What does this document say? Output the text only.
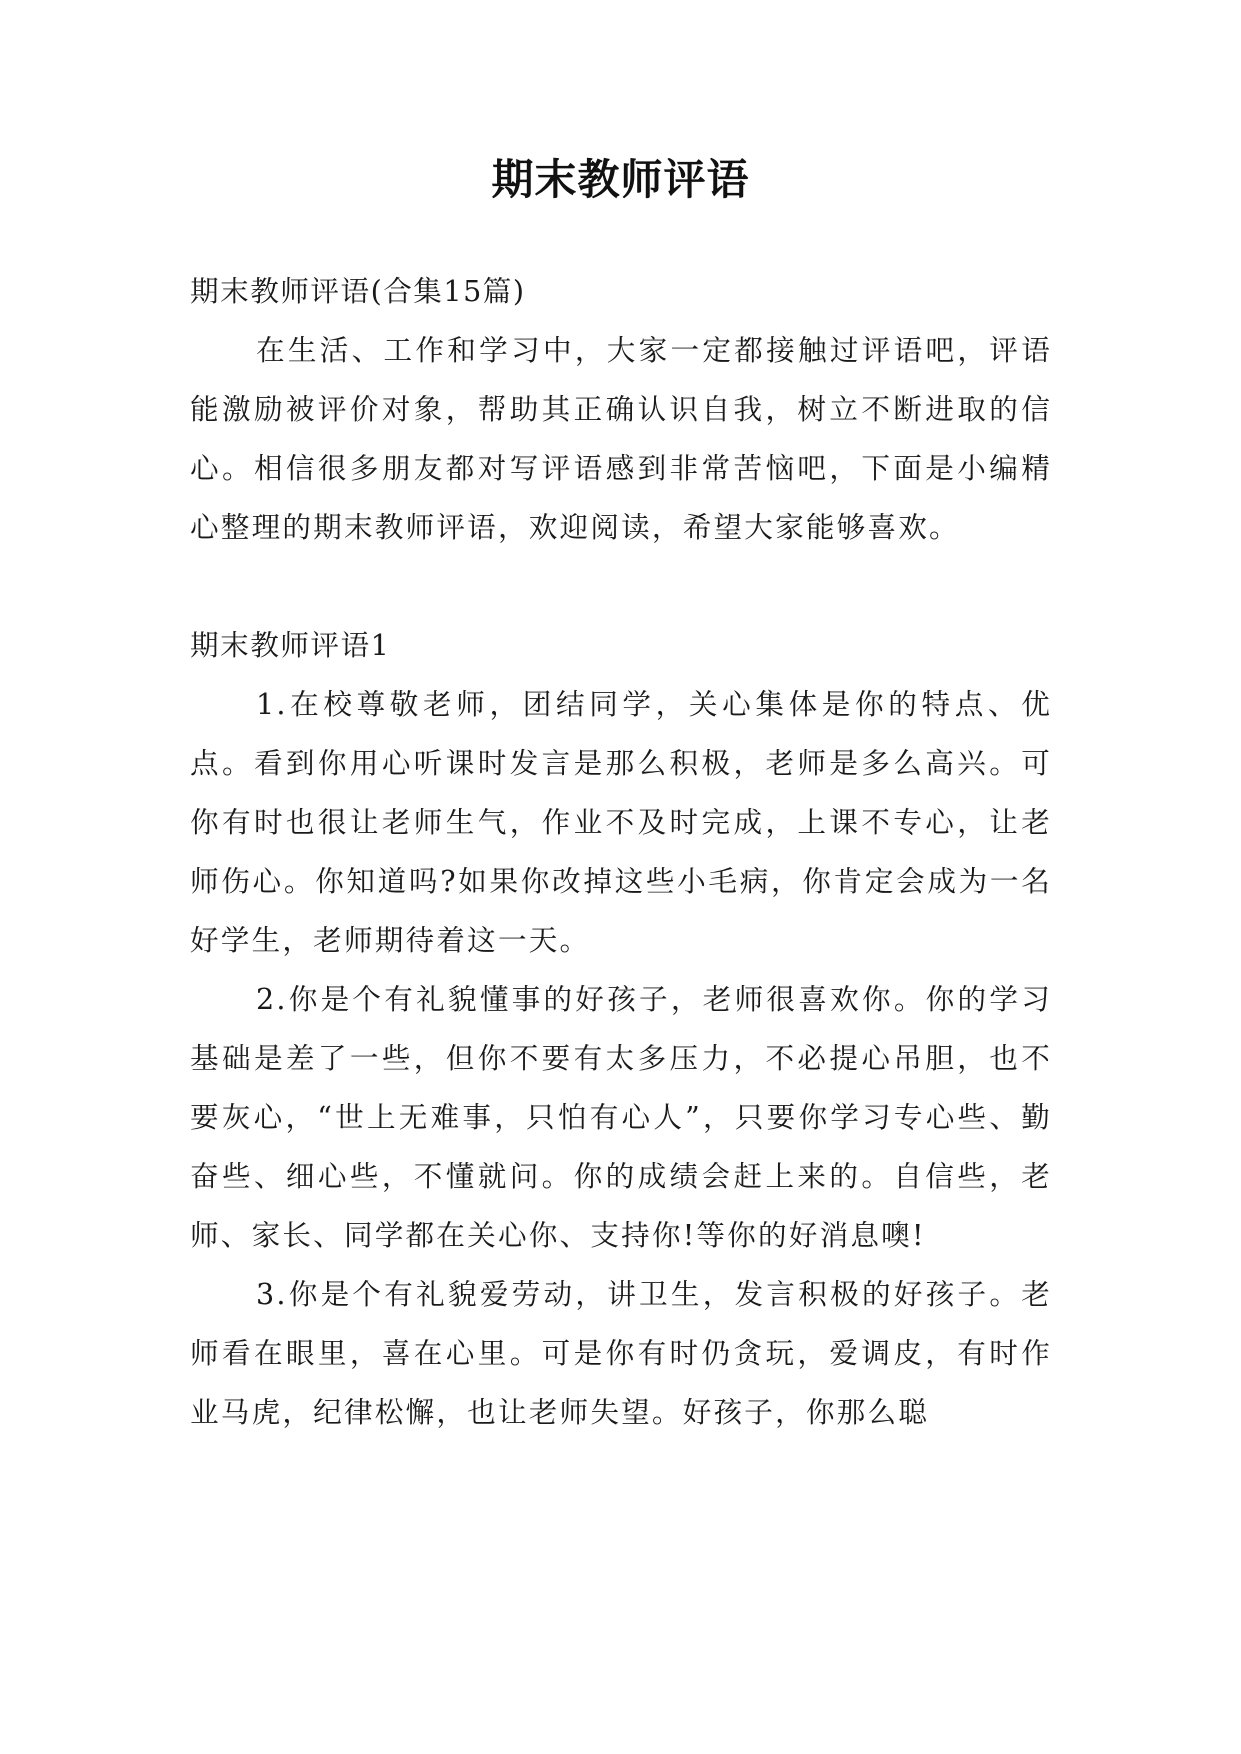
期末教师评语

期末教师评语(合集15篇)

在生活、工作和学习中，大家一定都接触过评语吧，评语能激励被评价对象，帮助其正确认识自我，树立不断进取的信心。相信很多朋友都对写评语感到非常苦恼吧，下面是小编精心整理的期末教师评语，欢迎阅读，希望大家能够喜欢。

期末教师评语1

1.在校尊敬老师，团结同学，关心集体是你的特点、优点。看到你用心听课时发言是那么积极，老师是多么高兴。可你有时也很让老师生气，作业不及时完成，上课不专心，让老师伤心。你知道吗?如果你改掉这些小毛病，你肯定会成为一名好学生，老师期待着这一天。

2.你是个有礼貌懂事的好孩子，老师很喜欢你。你的学习基础是差了一些，但你不要有太多压力，不必提心吊胆，也不要灰心，“世上无难事，只怕有心人”，只要你学习专心些、勤奋些、细心些，不懂就问。你的成绩会赶上来的。自信些，老师、家长、同学都在关心你、支持你!等你的好消息噢!

3.你是个有礼貌爱劳动，讲卫生，发言积极的好孩子。老师看在眼里，喜在心里。可是你有时仍贪玩，爱调皮，有时作业马虎，纪律松懈，也让老师失望。好孩子，你那么聪
